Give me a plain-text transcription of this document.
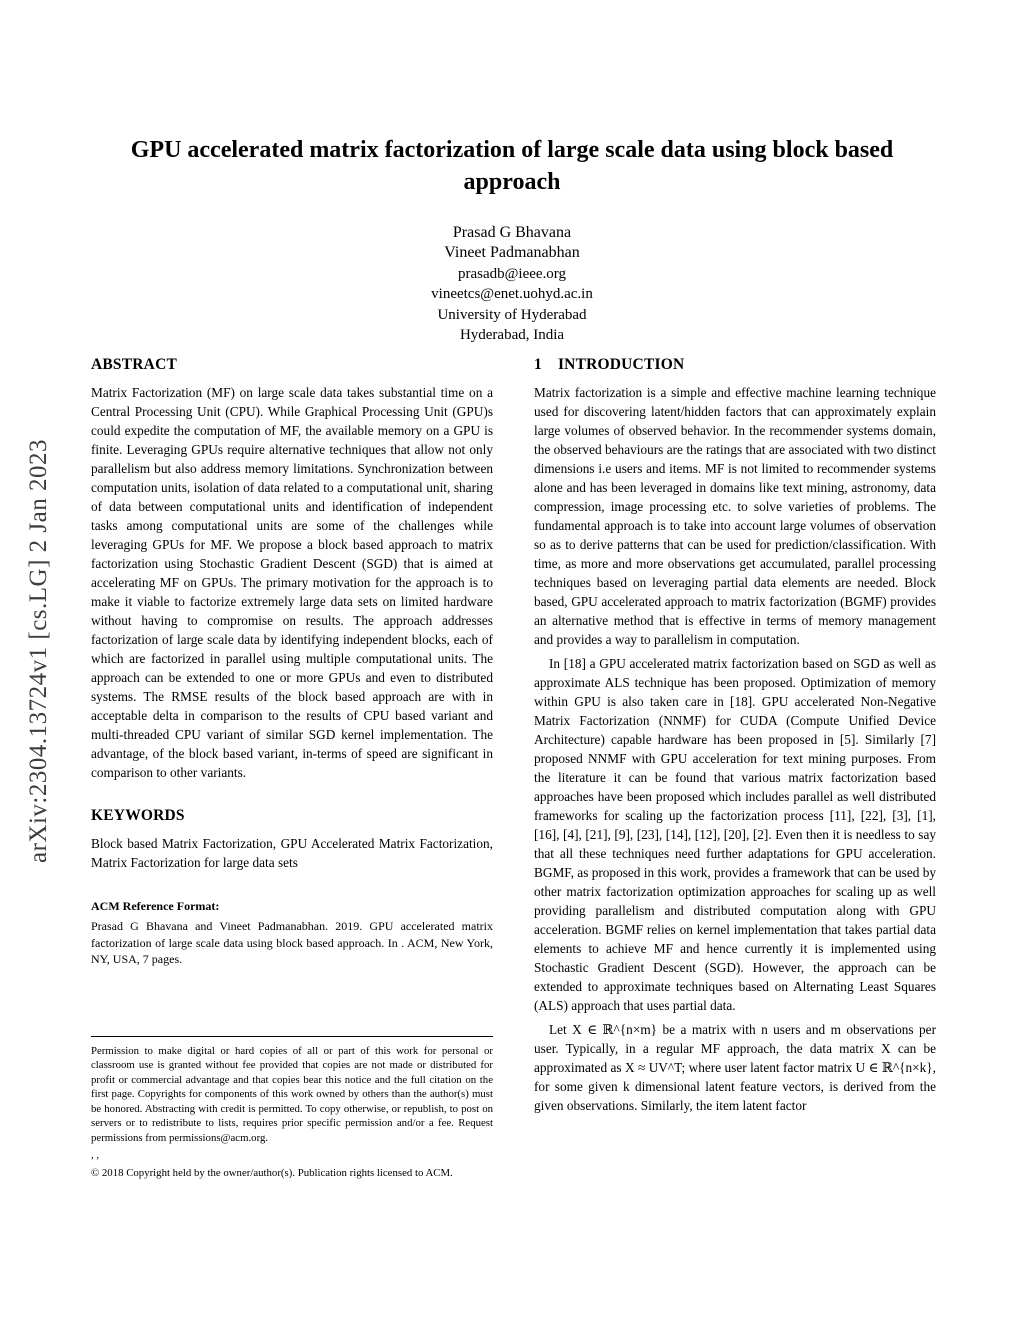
arXiv:2304.13724v1 [cs.LG] 2 Jan 2023
GPU accelerated matrix factorization of large scale data using block based approach
Prasad G Bhavana
Vineet Padmanabhan
prasadb@ieee.org
vineetcs@enet.uohyd.ac.in
University of Hyderabad
Hyderabad, India
ABSTRACT

Matrix Factorization (MF) on large scale data takes substantial time on a Central Processing Unit (CPU). While Graphical Processing Unit (GPU)s could expedite the computation of MF, the available memory on a GPU is finite. Leveraging GPUs require alternative techniques that allow not only parallelism but also address memory limitations. Synchronization between computation units, isolation of data related to a computational unit, sharing of data between computational units and identification of independent tasks among computational units are some of the challenges while leveraging GPUs for MF. We propose a block based approach to matrix factorization using Stochastic Gradient Descent (SGD) that is aimed at accelerating MF on GPUs. The primary motivation for the approach is to make it viable to factorize extremely large data sets on limited hardware without having to compromise on results. The approach addresses factorization of large scale data by identifying independent blocks, each of which are factorized in parallel using multiple computational units. The approach can be extended to one or more GPUs and even to distributed systems. The RMSE results of the block based approach are with in acceptable delta in comparison to the results of CPU based variant and multi-threaded CPU variant of similar SGD kernel implementation. The advantage, of the block based variant, in-terms of speed are significant in comparison to other variants.

KEYWORDS

Block based Matrix Factorization, GPU Accelerated Matrix Factorization, Matrix Factorization for large data sets

ACM Reference Format:

Prasad G Bhavana and Vineet Padmanabhan. 2019. GPU accelerated matrix factorization of large scale data using block based approach. In . ACM, New York, NY, USA, 7 pages.

Permission to make digital or hard copies of all or part of this work for personal or classroom use is granted without fee provided that copies are not made or distributed for profit or commercial advantage and that copies bear this notice and the full citation on the first page. Copyrights for components of this work owned by others than the author(s) must be honored. Abstracting with credit is permitted. To copy otherwise, or republish, to post on servers or to redistribute to lists, requires prior specific permission and/or a fee. Request permissions from permissions@acm.org.

, ,

© 2018 Copyright held by the owner/author(s). Publication rights licensed to ACM.

1 INTRODUCTION

Matrix factorization is a simple and effective machine learning technique used for discovering latent/hidden factors that can approximately explain large volumes of observed behavior. In the recommender systems domain, the observed behaviours are the ratings that are associated with two distinct dimensions i.e users and items. MF is not limited to recommender systems alone and has been leveraged in domains like text mining, astronomy, data compression, image processing etc. to solve varieties of problems. The fundamental approach is to take into account large volumes of observation so as to derive patterns that can be used for prediction/classification. With time, as more and more observations get accumulated, parallel processing techniques based on leveraging partial data elements are needed. Block based, GPU accelerated approach to matrix factorization (BGMF) provides an alternative method that is effective in terms of memory management and provides a way to parallelism in computation.

In [18] a GPU accelerated matrix factorization based on SGD as well as approximate ALS technique has been proposed. Optimization of memory within GPU is also taken care in [18]. GPU accelerated Non-Negative Matrix Factorization (NNMF) for CUDA (Compute Unified Device Architecture) capable hardware has been proposed in [5]. Similarly [7] proposed NNMF with GPU acceleration for text mining purposes. From the literature it can be found that various matrix factorization based approaches have been proposed which includes parallel as well distributed frameworks for scaling up the factorization process [11], [22], [3], [1], [16], [4], [21], [9], [23], [14], [12], [20], [2]. Even then it is needless to say that all these techniques need further adaptations for GPU acceleration. BGMF, as proposed in this work, provides a framework that can be used by other matrix factorization optimization approaches for scaling up as well providing parallelism and distributed computation along with GPU acceleration. BGMF relies on kernel implementation that takes partial data elements to achieve MF and hence currently it is implemented using Stochastic Gradient Descent (SGD). However, the approach can be extended to approximate techniques based on Alternating Least Squares (ALS) approach that uses partial data.

Let X ∈ ℝ^{n×m} be a matrix with n users and m observations per user. Typically, in a regular MF approach, the data matrix X can be approximated as X ≈ UV^T; where user latent factor matrix U ∈ ℝ^{n×k}, for some given k dimensional latent feature vectors, is derived from the given observations. Similarly, the item latent factor
